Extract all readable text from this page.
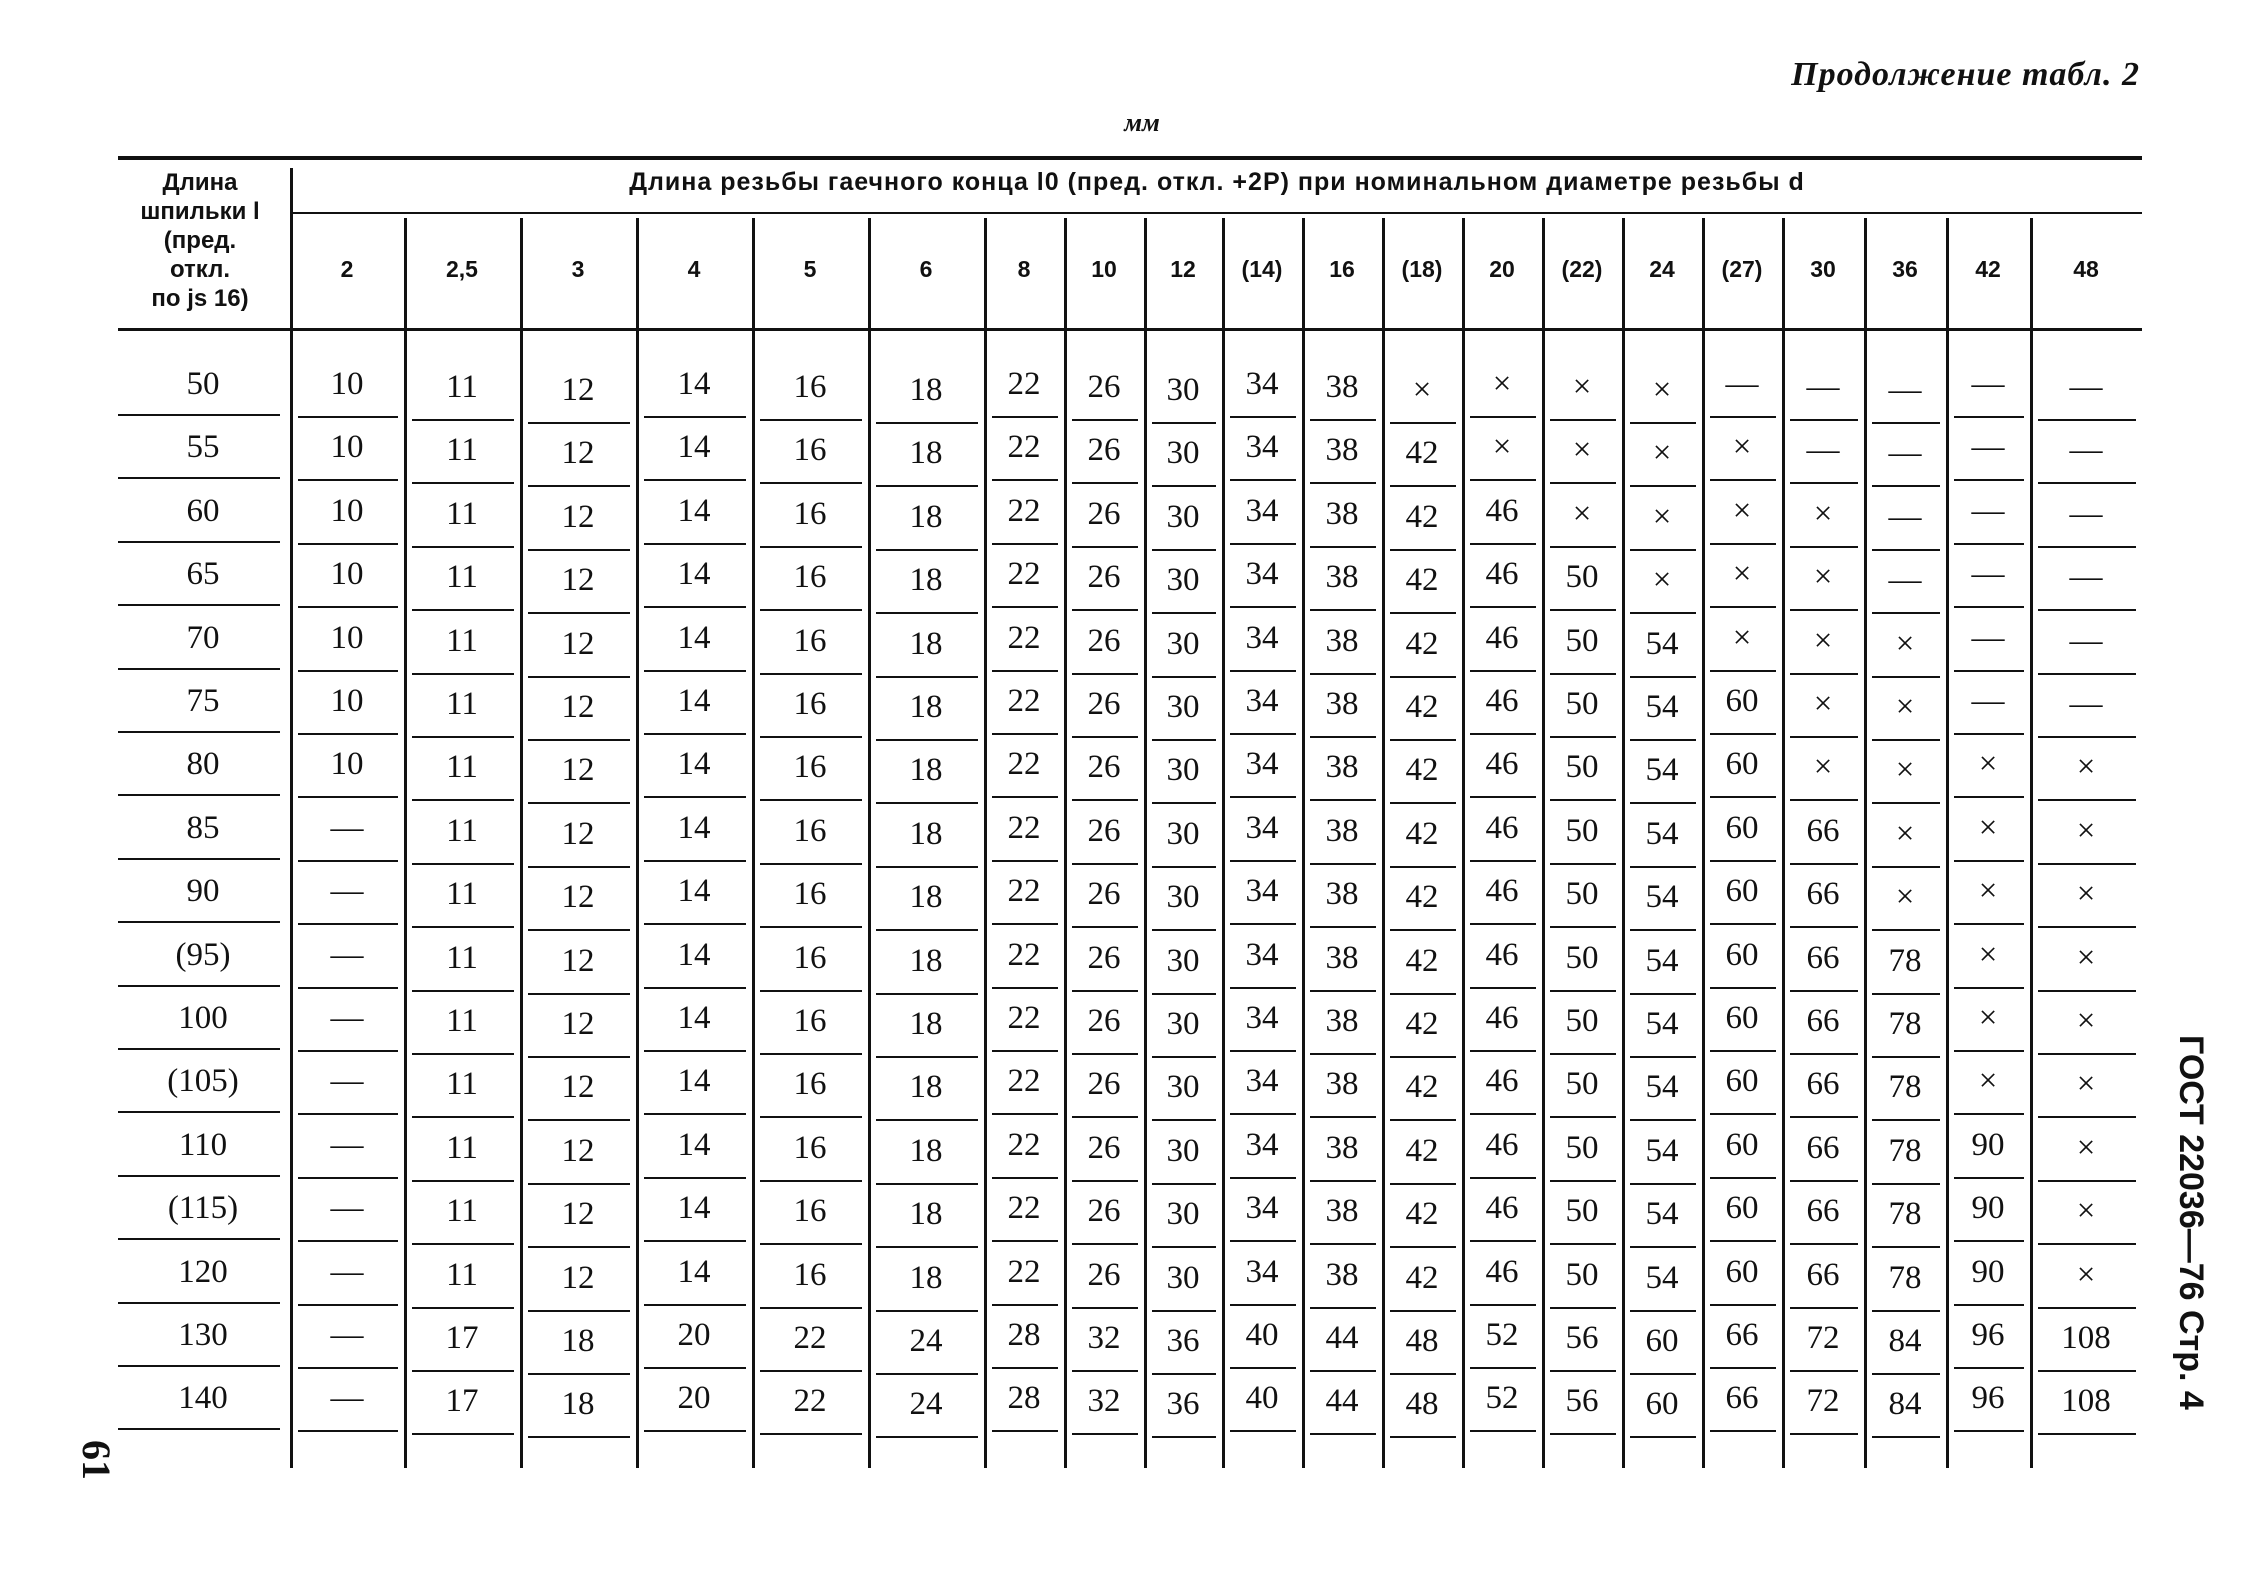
Продолжение табл. 2
мм
Длина
шпильки l
(пред.
откл.
по js 16)
Длина резьбы гаечного конца l0 (пред. откл. +2P) при номинальном диаметре резьбы d
2	2,5	3	4	5	6	8	10	12	(14)	16	(18)	20	(22)	24	(27)	30	36	42	48
50	10	11	12	14	16	18	22	26	30	34	38	×	×	×	×	—	—	—	—	—
55	10	11	12	14	16	18	22	26	30	34	38	42	×	×	×	×	—	—	—	—
60	10	11	12	14	16	18	22	26	30	34	38	42	46	×	×	×	×	—	—	—
65	10	11	12	14	16	18	22	26	30	34	38	42	46	50	×	×	×	—	—	—
70	10	11	12	14	16	18	22	26	30	34	38	42	46	50	54	×	×	×	—	—
75	10	11	12	14	16	18	22	26	30	34	38	42	46	50	54	60	×	×	—	—
80	10	11	12	14	16	18	22	26	30	34	38	42	46	50	54	60	×	×	×	×
85	—	11	12	14	16	18	22	26	30	34	38	42	46	50	54	60	66	×	×	×
90	—	11	12	14	16	18	22	26	30	34	38	42	46	50	54	60	66	×	×	×
(95)	—	11	12	14	16	18	22	26	30	34	38	42	46	50	54	60	66	78	×	×
100	—	11	12	14	16	18	22	26	30	34	38	42	46	50	54	60	66	78	×	×
(105)	—	11	12	14	16	18	22	26	30	34	38	42	46	50	54	60	66	78	×	×
110	—	11	12	14	16	18	22	26	30	34	38	42	46	50	54	60	66	78	90	×
(115)	—	11	12	14	16	18	22	26	30	34	38	42	46	50	54	60	66	78	90	×
120	—	11	12	14	16	18	22	26	30	34	38	42	46	50	54	60	66	78	90	×
130	—	17	18	20	22	24	28	32	36	40	44	48	52	56	60	66	72	84	96	108
140	—	17	18	20	22	24	28	32	36	40	44	48	52	56	60	66	72	84	96	108	ГОСТ 22036—76 Стр. 4
61
